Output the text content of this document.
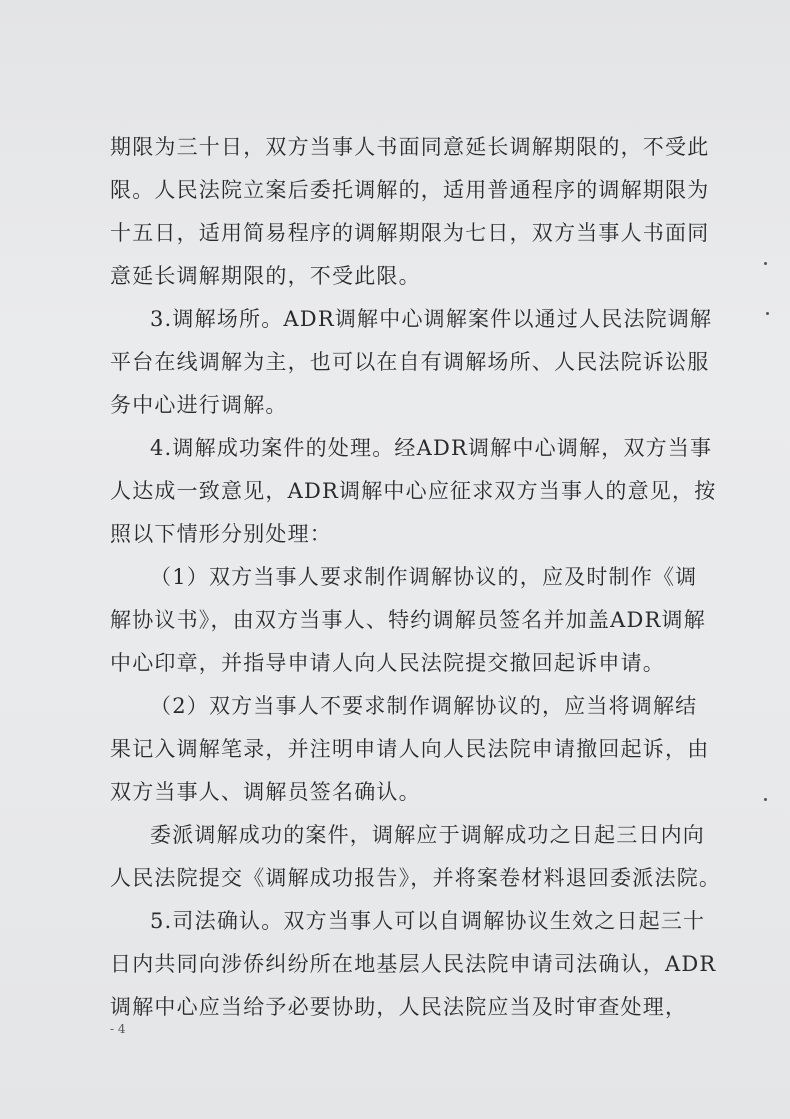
期限为三十日，双方当事人书面同意延长调解期限的，不受此
限。人民法院立案后委托调解的，适用普通程序的调解期限为
十五日，适用简易程序的调解期限为七日，双方当事人书面同
意延长调解期限的，不受此限。
3.调解场所。ADR调解中心调解案件以通过人民法院调解
平台在线调解为主，也可以在自有调解场所、人民法院诉讼服
务中心进行调解。
4.调解成功案件的处理。经ADR调解中心调解，双方当事
人达成一致意见，ADR调解中心应征求双方当事人的意见，按
照以下情形分别处理：
（1）双方当事人要求制作调解协议的，应及时制作《调
解协议书》，由双方当事人、特约调解员签名并加盖ADR调解
中心印章，并指导申请人向人民法院提交撤回起诉申请。
（2）双方当事人不要求制作调解协议的，应当将调解结
果记入调解笔录，并注明申请人向人民法院申请撤回起诉，由
双方当事人、调解员签名确认。
委派调解成功的案件，调解应于调解成功之日起三日内向
人民法院提交《调解成功报告》，并将案卷材料退回委派法院。
5.司法确认。双方当事人可以自调解协议生效之日起三十
日内共同向涉侨纠纷所在地基层人民法院申请司法确认，ADR
调解中心应当给予必要协助，人民法院应当及时审查处理，
- 4
